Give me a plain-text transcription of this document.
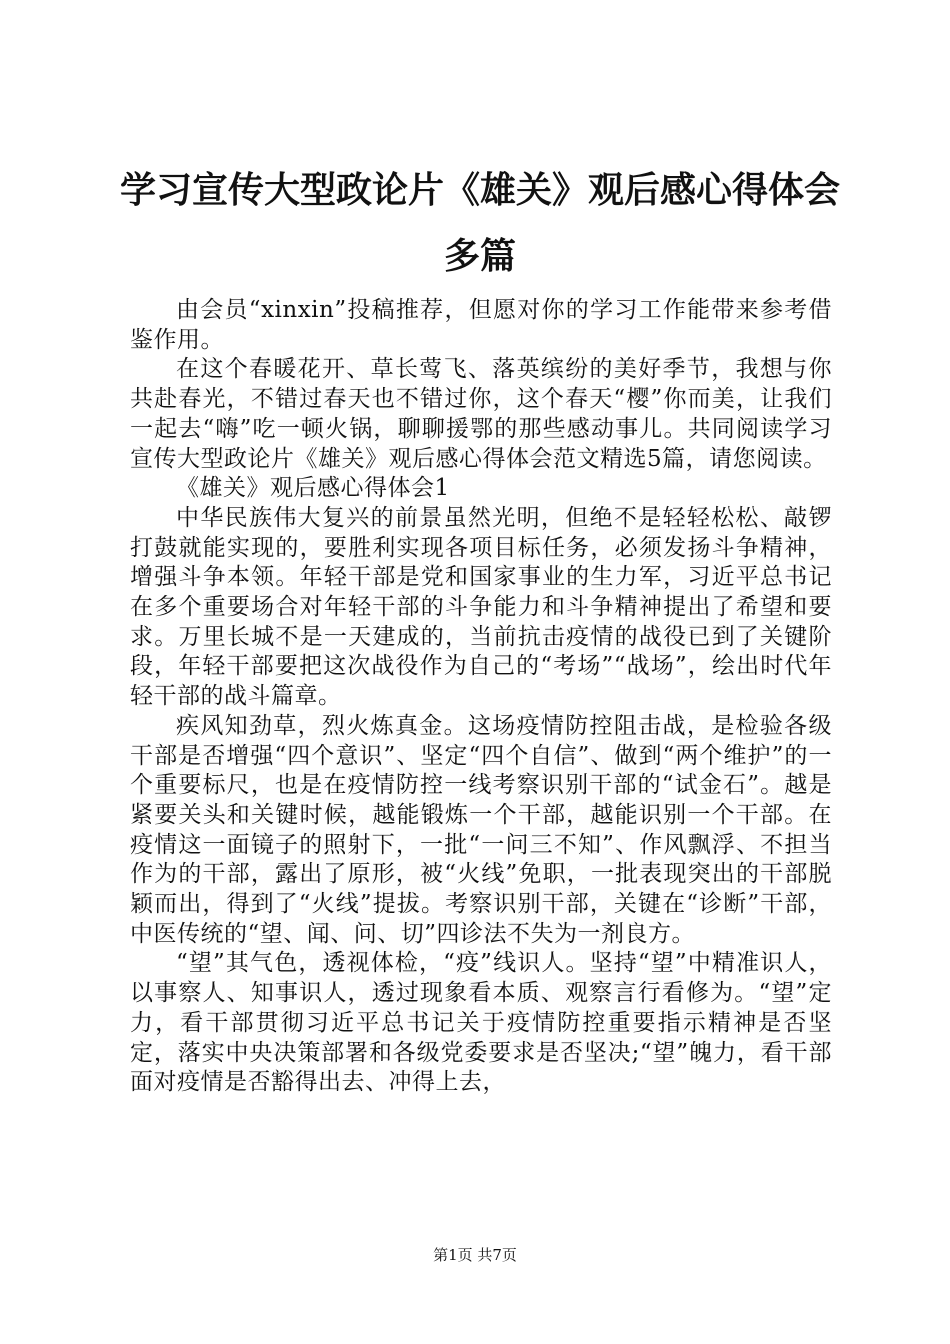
学习宣传大型政论片《雄关》观后感心得体会多篇

由会员“xinxin”投稿推荐，但愿对你的学习工作能带来参考借鉴作用。

在这个春暖花开、草长莺飞、落英缤纷的美好季节，我想与你共赴春光，不错过春天也不错过你，这个春天“樱”你而美，让我们一起去“嗨”吃一顿火锅，聊聊援鄂的那些感动事儿。共同阅读学习宣传大型政论片《雄关》观后感心得体会范文精选5篇，请您阅读。

《雄关》观后感心得体会1

中华民族伟大复兴的前景虽然光明，但绝不是轻轻松松、敲锣打鼓就能实现的，要胜利实现各项目标任务，必须发扬斗争精神，增强斗争本领。年轻干部是党和国家事业的生力军，习近平总书记在多个重要场合对年轻干部的斗争能力和斗争精神提出了希望和要求。万里长城不是一天建成的，当前抗击疫情的战役已到了关键阶段，年轻干部要把这次战役作为自己的“考场”“战场”，绘出时代年轻干部的战斗篇章。

疾风知劲草，烈火炼真金。这场疫情防控阻击战，是检验各级干部是否增强“四个意识”、坚定“四个自信”、做到“两个维护”的一个重要标尺，也是在疫情防控一线考察识别干部的“试金石”。越是紧要关头和关键时候，越能锻炼一个干部，越能识别一个干部。在疫情这一面镜子的照射下，一批“一问三不知”、作风飘浮、不担当作为的干部，露出了原形，被“火线”免职，一批表现突出的干部脱颖而出，得到了“火线”提拔。考察识别干部，关键在“诊断”干部，中医传统的“望、闻、问、切”四诊法不失为一剂良方。

“望”其气色，透视体检，“疫”线识人。坚持“望”中精准识人，以事察人、知事识人，透过现象看本质、观察言行看修为。“望”定力，看干部贯彻习近平总书记关于疫情防控重要指示精神是否坚定，落实中央决策部署和各级党委要求是否坚决;“望”魄力，看干部面对疫情是否豁得出去、冲得上去，

第1页 共7页
